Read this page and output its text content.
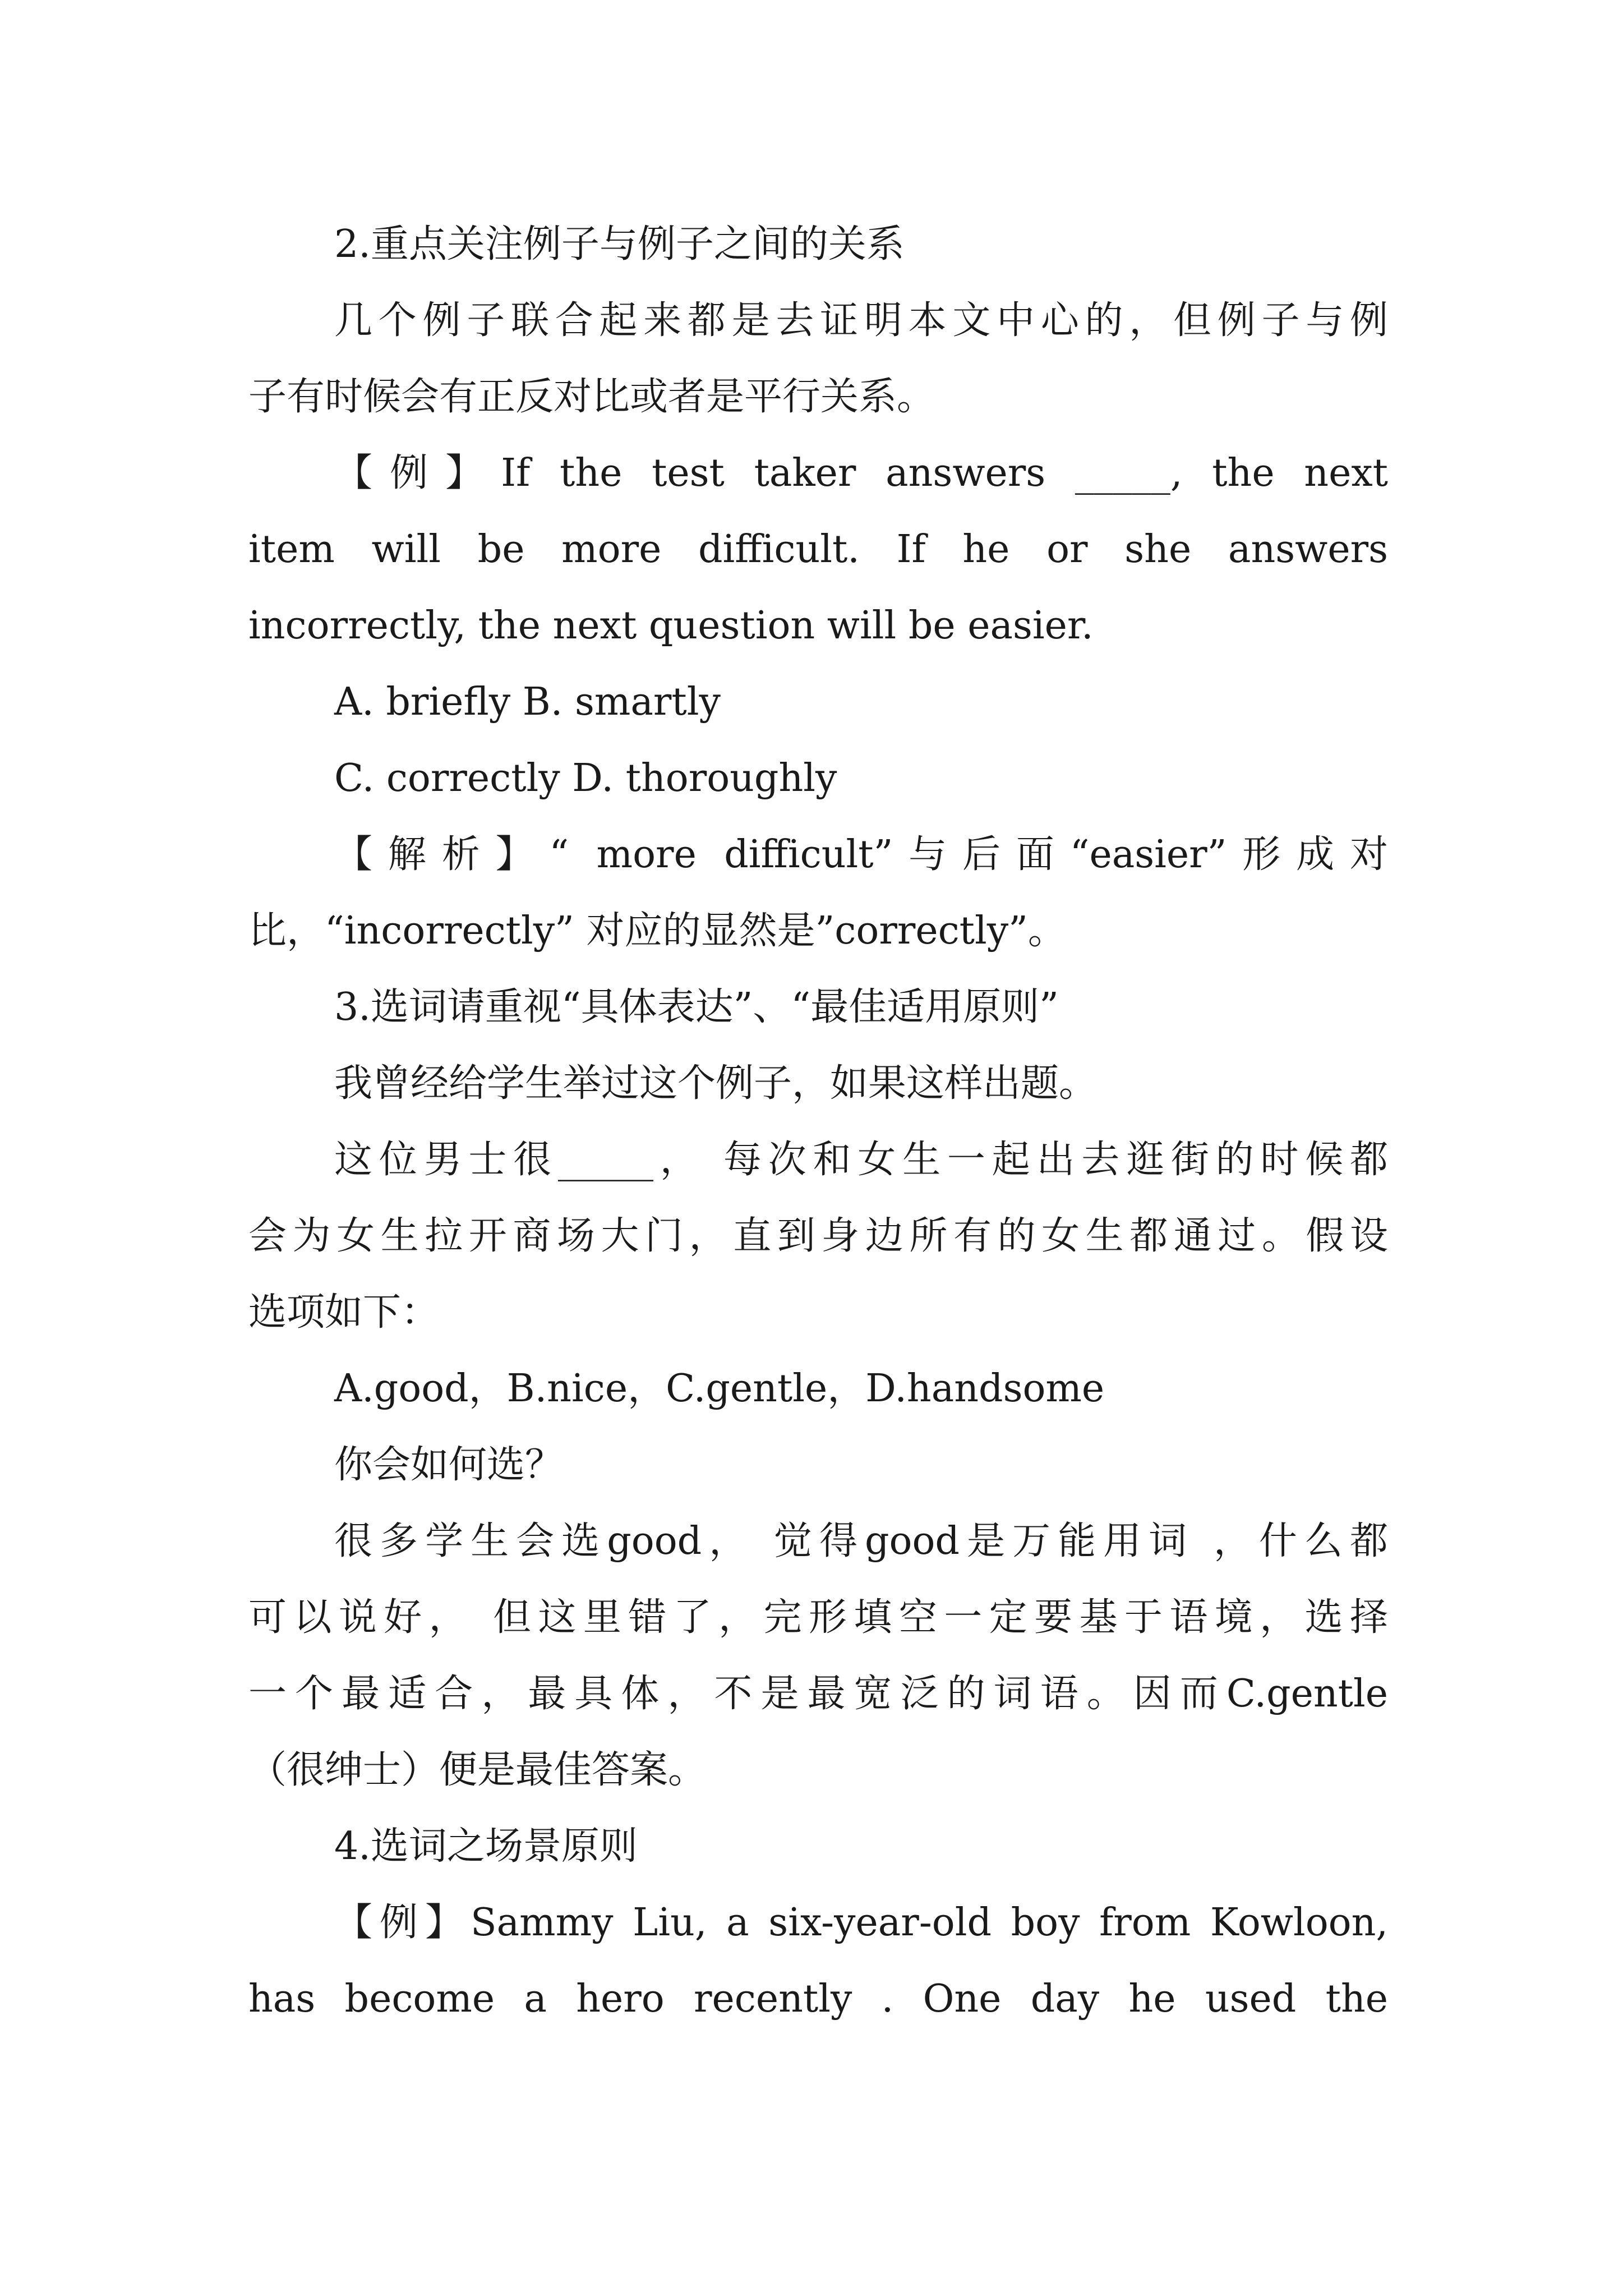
2.重点关注例子与例子之间的关系

几个例子联合起来都是去证明本文中心的，但例子与例

子有时候会有正反对比或者是平行关系。

【例】If the test taker answers _____, the next

item will be more difficult. If he or she answers

incorrectly, the next question will be easier.

A. briefly B. smartly

C. correctly D. thoroughly

【解析】“ more difficult”与后面“easier”形成对

比，“incorrectly” 对应的显然是”correctly”。

3.选词请重视“具体表达”、“最佳适用原则”

我曾经给学生举过这个例子，如果这样出题。

这位男士很_____， 每次和女生一起出去逛街的时候都

会为女生拉开商场大门，直到身边所有的女生都通过。假设

选项如下：

A.good，B.nice，C.gentle，D.handsome

你会如何选？

很多学生会选good， 觉得good是万能用词 ，什么都

可以说好， 但这里错了，完形填空一定要基于语境，选择

一个最适合，最具体，不是最宽泛的词语。因而C.gentle

（很绅士）便是最佳答案。

4.选词之场景原则

【例】Sammy Liu, a six-year-old boy from Kowloon,

has become a hero recently . One day he used the
